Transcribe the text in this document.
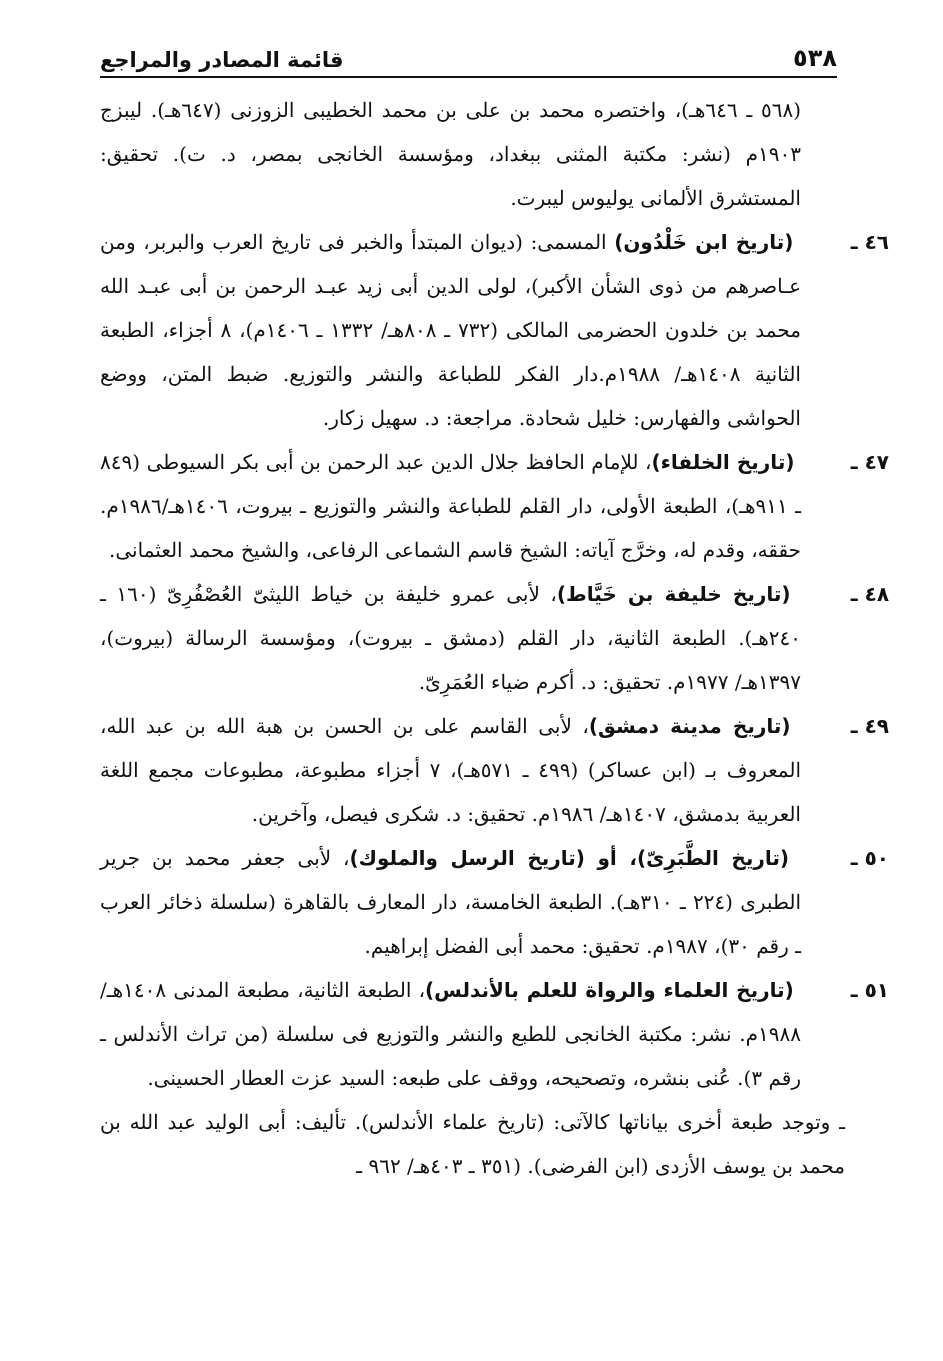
٥٣٨
قائمة المصادر والمراجع

(٥٦٨ ـ ٦٤٦هـ)، واختصره محمد بن على بن محمد الخطيبى الزوزنى (٦٤٧هـ). ليبزج ١٩٠٣م (نشر: مكتبة المثنى ببغداد، ومؤسسة الخانجى بمصر، د. ت). تحقيق: المستشرق الألمانى يوليوس ليبرت.

٤٦ ـ (تاريخ ابن خَلْدُون) المسمى: (ديوان المبتدأ والخبر فى تاريخ العرب والبربر، ومن عـاصرهم من ذوى الشأن الأكبر)، لولى الدين أبى زيد عبـد الرحمن بن أبى عبـد الله محمد بن خلدون الحضرمى المالكى (٧٣٢ ـ ٨٠٨هـ/ ١٣٣٢ ـ ١٤٠٦م)، ٨ أجزاء، الطبعة الثانية ١٤٠٨هـ/ ١٩٨٨م.دار الفكر للطباعة والنشر والتوزيع. ضبط المتن، ووضع الحواشى والفهارس: خليل شحادة. مراجعة: د. سهيل زكار.

٤٧ ـ (تاريخ الخلفاء)، للإمام الحافظ جلال الدين عبد الرحمن بن أبى بكر السيوطى (٨٤٩ ـ ٩١١هـ)، الطبعة الأولى، دار القلم للطباعة والنشر والتوزيع ـ بيروت، ١٤٠٦هـ/١٩٨٦م. حققه، وقدم له، وخرَّج آياته: الشيخ قاسم الشماعى الرفاعى، والشيخ محمد العثمانى.

٤٨ ـ (تاريخ خليفة بن خَيَّاط)، لأبى عمرو خليفة بن خياط الليثىّ العُصْفُرِىّ (١٦٠ ـ ٢٤٠هـ). الطبعة الثانية، دار القلم (دمشق ـ بيروت)، ومؤسسة الرسالة (بيروت)، ١٣٩٧هـ/ ١٩٧٧م. تحقيق: د. أكرم ضياء العُمَرِىّ.

٤٩ ـ (تاريخ مدينة دمشق)، لأبى القاسم على بن الحسن بن هبة الله بن عبد الله، المعروف بـ (ابن عساكر) (٤٩٩ ـ ٥٧١هـ)، ٧ أجزاء مطبوعة، مطبوعات مجمع اللغة العربية بدمشق، ١٤٠٧هـ/ ١٩٨٦م. تحقيق: د. شكرى فيصل، وآخرين.

٥٠ ـ (تاريخ الطَّبَرِىّ)، أو (تاريخ الرسل والملوك)، لأبى جعفر محمد بن جرير الطبرى (٢٢٤ ـ ٣١٠هـ). الطبعة الخامسة، دار المعارف بالقاهرة (سلسلة ذخائر العرب ـ رقم ٣٠)، ١٩٨٧م. تحقيق: محمد أبى الفضل إبراهيم.

٥١ ـ (تاريخ العلماء والرواة للعلم بالأندلس)، الطبعة الثانية، مطبعة المدنى ١٤٠٨هـ/ ١٩٨٨م. نشر: مكتبة الخانجى للطبع والنشر والتوزيع فى سلسلة (من تراث الأندلس ـ رقم ٣). عُنى بنشره، وتصحيحه، ووقف على طبعه: السيد عزت العطار الحسينى.

ـ وتوجد طبعة أخرى بياناتها كالآتى: (تاريخ علماء الأندلس). تأليف: أبى الوليد عبد الله بن محمد بن يوسف الأزدى (ابن الفرضى). (٣٥١ ـ ٤٠٣هـ/ ٩٦٢ ـ
